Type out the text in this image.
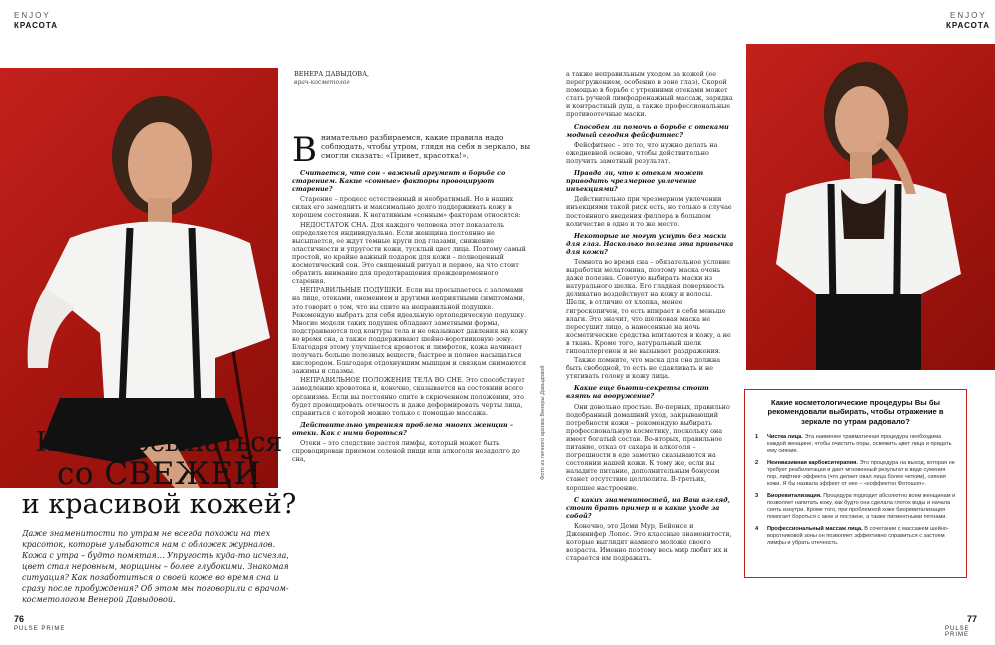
ENJOY
КРАСОТА
ENJOY
КРАСОТА
Как просыпаться
со СВЕЖЕЙ
и красивой кожей?
Даже знаменитости по утрам не всегда похожи на тех красоток, которые улыбаются нам с обложек журналов. Кожа с утра – будто помятая… Упругость куда-то исчезла, цвет стал неровным, морщины – более глубокими. Знакомая ситуация? Как позаботиться о своей коже во время сна и сразу после пробуждения? Об этом мы поговорили с врачом-косметологом Венерой Давыдовой.
76
PULSE PRIME
ВЕНЕРА ДАВЫДОВА,
врач-косметолог
В нимательно разбираемся, какие правила надо соблюдать, чтобы утром, глядя на себя в зеркало, вы смогли сказать: «Привет, красотка!».

Считается, что сон – важный аргумент в борьбе со старением. Какие «сонные» факторы провоцируют старение?

Старение – процесс естественный и необратимый. Но в наших силах его замедлить и максимально долго поддерживать кожу в хорошем состоянии. К негативным «сонным» факторам относятся:

НЕДОСТАТОК СНА. Для каждого человека этот показатель определяется индивидуально. Если женщина постоянно не высыпается, ее ждут темные круги под глазами, снижение эластичности и упругости кожи, тусклый цвет лица. Поэтому самый простой, но крайне важный подарок для кожи – полноценный косметический сон. Это священный ритуал и первое, на что стоит обратить внимание для предотвращения преждевременного старения.

НЕПРАВИЛЬНЫЕ ПОДУШКИ. Если вы просыпаетесь с заломами на лице, отеками, онемением и другими неприятными симптомами, это говорит о том, что вы спите на неправильной подушке. Рекомендую выбрать для себя идеальную ортопедическую подушку. Многие модели таких подушек обладают заметными формы, подстраиваются под контуры тела и не оказывают давления на кожу во время сна, а также поддерживают шейно-воротниковую зону. Благодаря этому улучшается кровоток и лимфоток, кожа начинает получать больше полезных веществ, быстрее и полнее насыщаться кислородом. Благодаря отдохнувшим мышцам и связкам снимаются зажимы и спазмы.

НЕПРАВИЛЬНОЕ ПОЛОЖЕНИЕ ТЕЛА ВО СНЕ. Это способствует замедлению кровотока и, конечно, сказывается на состоянии всего организма. Если вы постоянно спите в скрюченном положении, это будет провоцировать отечность и даже деформировать черты лица, справиться с которой можно только с помощью массажа.

Действительно утренняя проблема многих женщин – отеки. Как с ними бороться?

Отеки – это следствие застоя лимфы, который может быть спровоцирован приемом соленой пищи или алкоголя незадолго до сна,	Фото из личного архива Венеры Давыдовой

а также неправильным уходом за кожей (ее перегружением, особенно в зоне глаз). Скорой помощью в борьбе с утренними отеками может стать ручной лимфодренажный массаж, зарядка и контрастный душ, а также профессиональные противоотечные маски.

Способен ли помочь в борьбе с отеками модный сегодня фейсфитнес?

Фейсфитнес – это то, что нужно делать на ежедневной основе, чтобы действительно получить заметный результат.

Правда ли, что к отекам может приводить чрезмерное увлечение инъекциями?

Действительно при чрезмерном увлечении инъекциями такой риск есть, но только в случае постоянного введения филлера в большом количестве в одно и то же место.

Некоторые не могут уснуть без маски для глаз. Насколько полезна эта привычка для кожи?

Темнота во время сна – обязательное условие выработки мелатонина, поэтому маска очень даже полезна. Советую выбирать маски из натурального шелка. Его гладкая поверхность деликатно воздействует на кожу и волосы. Шелк, в отличие от хлопка, менее гигроскопичен, то есть впирает в себя меньше влаги. Это значит, что шелковая маска не пересушит лицо, а нанесенные на ночь косметические средства впитаются в кожу, а не в ткань. Кроме того, натуральный шелк гипоаллергенен и не вызывает раздражения.

Также помните, что маска для сна должна быть свободной, то есть не сдавливать и не утягивать голову и кожу лица.

Какие еще бьюти-секреты стоит взять на вооружение?

Они довольно простые. Во-первых, правильно подобранный домашний уход, закрывающий потребности кожи – рекомендую выбирать профессиональную косметику, поскольку она имеет богатый состав. Во-вторых, правильное питание, отказ от сахара и алкоголя – погрешности в еде заметно сказываются на состоянии нашей кожи. К тому же, если вы наладите питание, дополнительным бонусом станет отсутствие целлюлита. В-третьих, хорошее настроение.

С каких знаменитостей, на Ваш взгляд, стоит брать пример и в какие уходе за собой?

Конечно, это Деми Мур, Бейонсе и Дженнифер Лопес. Это классные знаменитости, которые выглядят намного моложе своего возраста. Именно поэтому весь мир любит их и старается им подражать.

Какие косметологические процедуры Вы бы рекомендовали выбирать, чтобы отражение в зеркале по утрам радовало?
1 Чистка лица. Эта наименее травматичная процедура необходима каждой женщине, чтобы очистить поры, освежить цвет лица и придать ему сияние.
2 Неинвазивная карбокситерапия. Это процедура на выход, которая не требует реабилитации и дает мгновенный результат в виде сужения пор, лифтинг-эффекта (что делает овал лица более четким), сияния кожи. Я бы назвала эффект от нее – «коффектон Фотошоп».
3 Биоревитализация. Процедура подходит абсолютно всем женщинам и позволяет напитать кожу, как будто она сделала глоток воды и начала сиять изнутри. Кроме того, при проблемной коже биоревитализация помогает бороться с акне и постакне, а также пигментными пятнами.
4 Профессиональный массаж лица. В сочетании с массажем шейно-воротниковой зоны он позволяет эффективно справиться с застоем лимфы и убрать отечность.
77
PULSE PRIME
